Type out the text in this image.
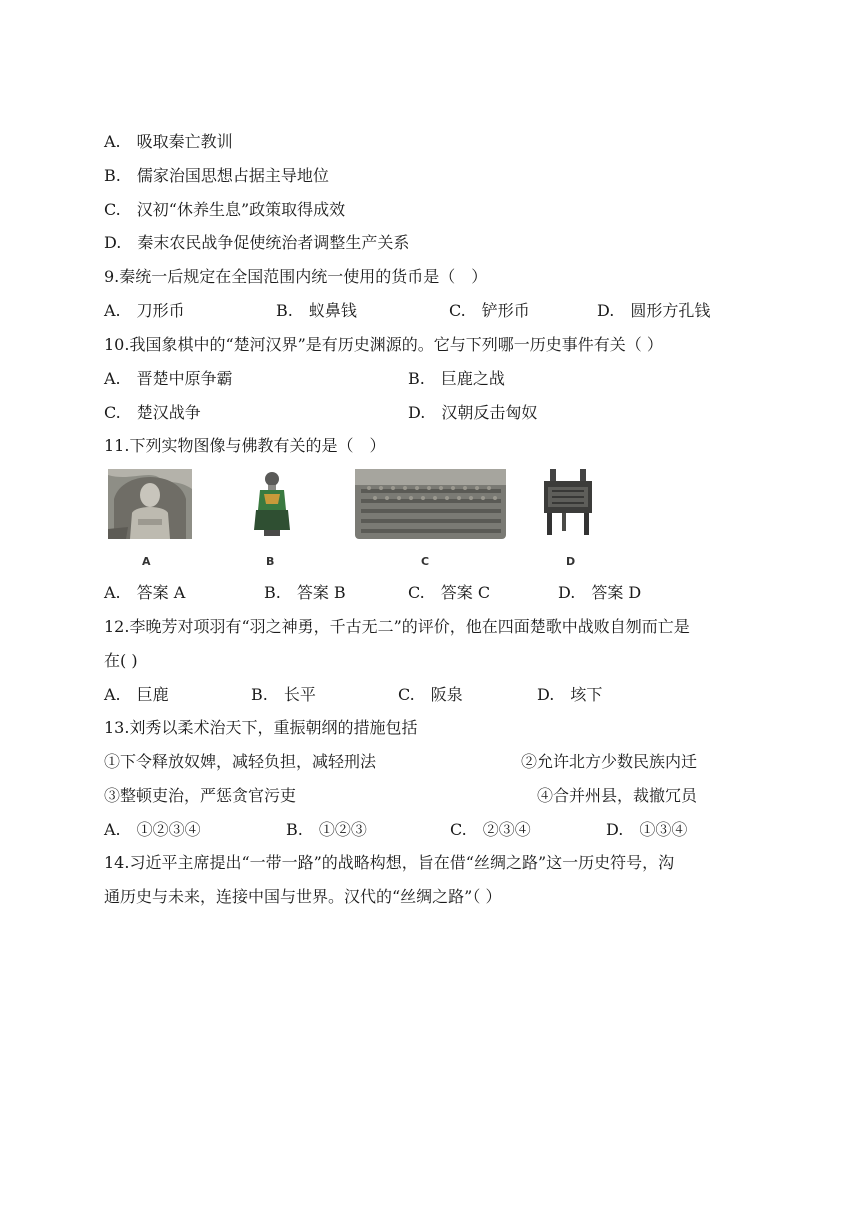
A.　吸取秦亡教训
B.　儒家治国思想占据主导地位
C.　汉初“休养生息”政策取得成效
D.　秦末农民战争促使统治者调整生产关系
9.秦统一后规定在全国范围内统一使用的货币是（　）
A.　刀形币	B.　蚁鼻钱	C.　铲形币	D.　圆形方孔钱
10.我国象棋中的“楚河汉界”是有历史渊源的。它与下列哪一历史事件有关（ ）
A.　晋楚中原争霸	B.　巨鹿之战
C.　楚汉战争	D.　汉朝反击匈奴
11.下列实物图像与佛教有关的是（　）
A	B	C	D
A.　答案 A	B.　答案 B	C.　答案 C	D.　答案 D
12.李晚芳对项羽有“羽之神勇，千古无二”的评价，他在四面楚歌中战败自刎而亡是
在( )
A.　巨鹿	B.　长平	C.　阪泉	D.　垓下
13.刘秀以柔术治天下，重振朝纲的措施包括
①下令释放奴婢，减轻负担，减轻刑法	②允许北方少数民族内迁
③整顿吏治，严惩贪官污吏	④合并州县，裁撤冗员
A.　①②③④	B.　①②③	C.　②③④	D.　①③④
14.习近平主席提出“一带一路”的战略构想，旨在借“丝绸之路”这一历史符号，沟
通历史与未来，连接中国与世界。汉代的“丝绸之路”（ ）
